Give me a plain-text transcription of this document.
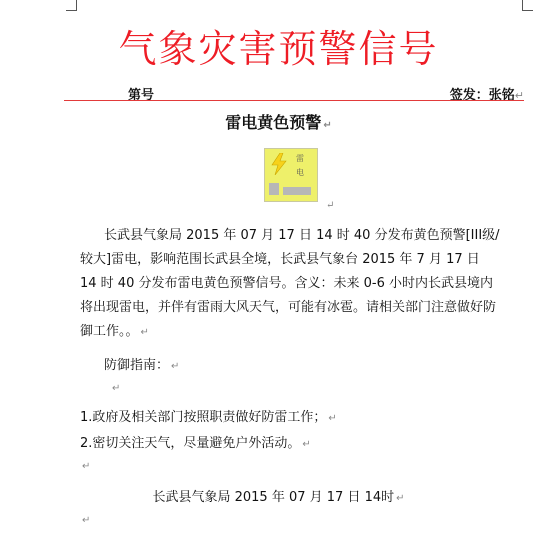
气象灾害预警信号
第号	签发：张铭↵
雷电黄色预警 ↵
雷
电
↵
长武县气象局 2015 年 07 月 17 日 14 时 40 分发布黄色预警[III级/较大]雷电，影响范围长武县全境，长武县气象台 2015 年 7 月 17 日 14 时 40 分发布雷电黄色预警信号。含义：未来 0-6 小时内长武县境内将出现雷电，并伴有雷雨大风天气，可能有冰雹。请相关部门注意做好防御工作。。 ↵
防御指南： ↵
↵
1.政府及相关部门按照职责做好防雷工作； ↵
2.密切关注天气，尽量避免户外活动。 ↵
↵
长武县气象局 2015 年 07 月 17 日 14时 ↵
↵
